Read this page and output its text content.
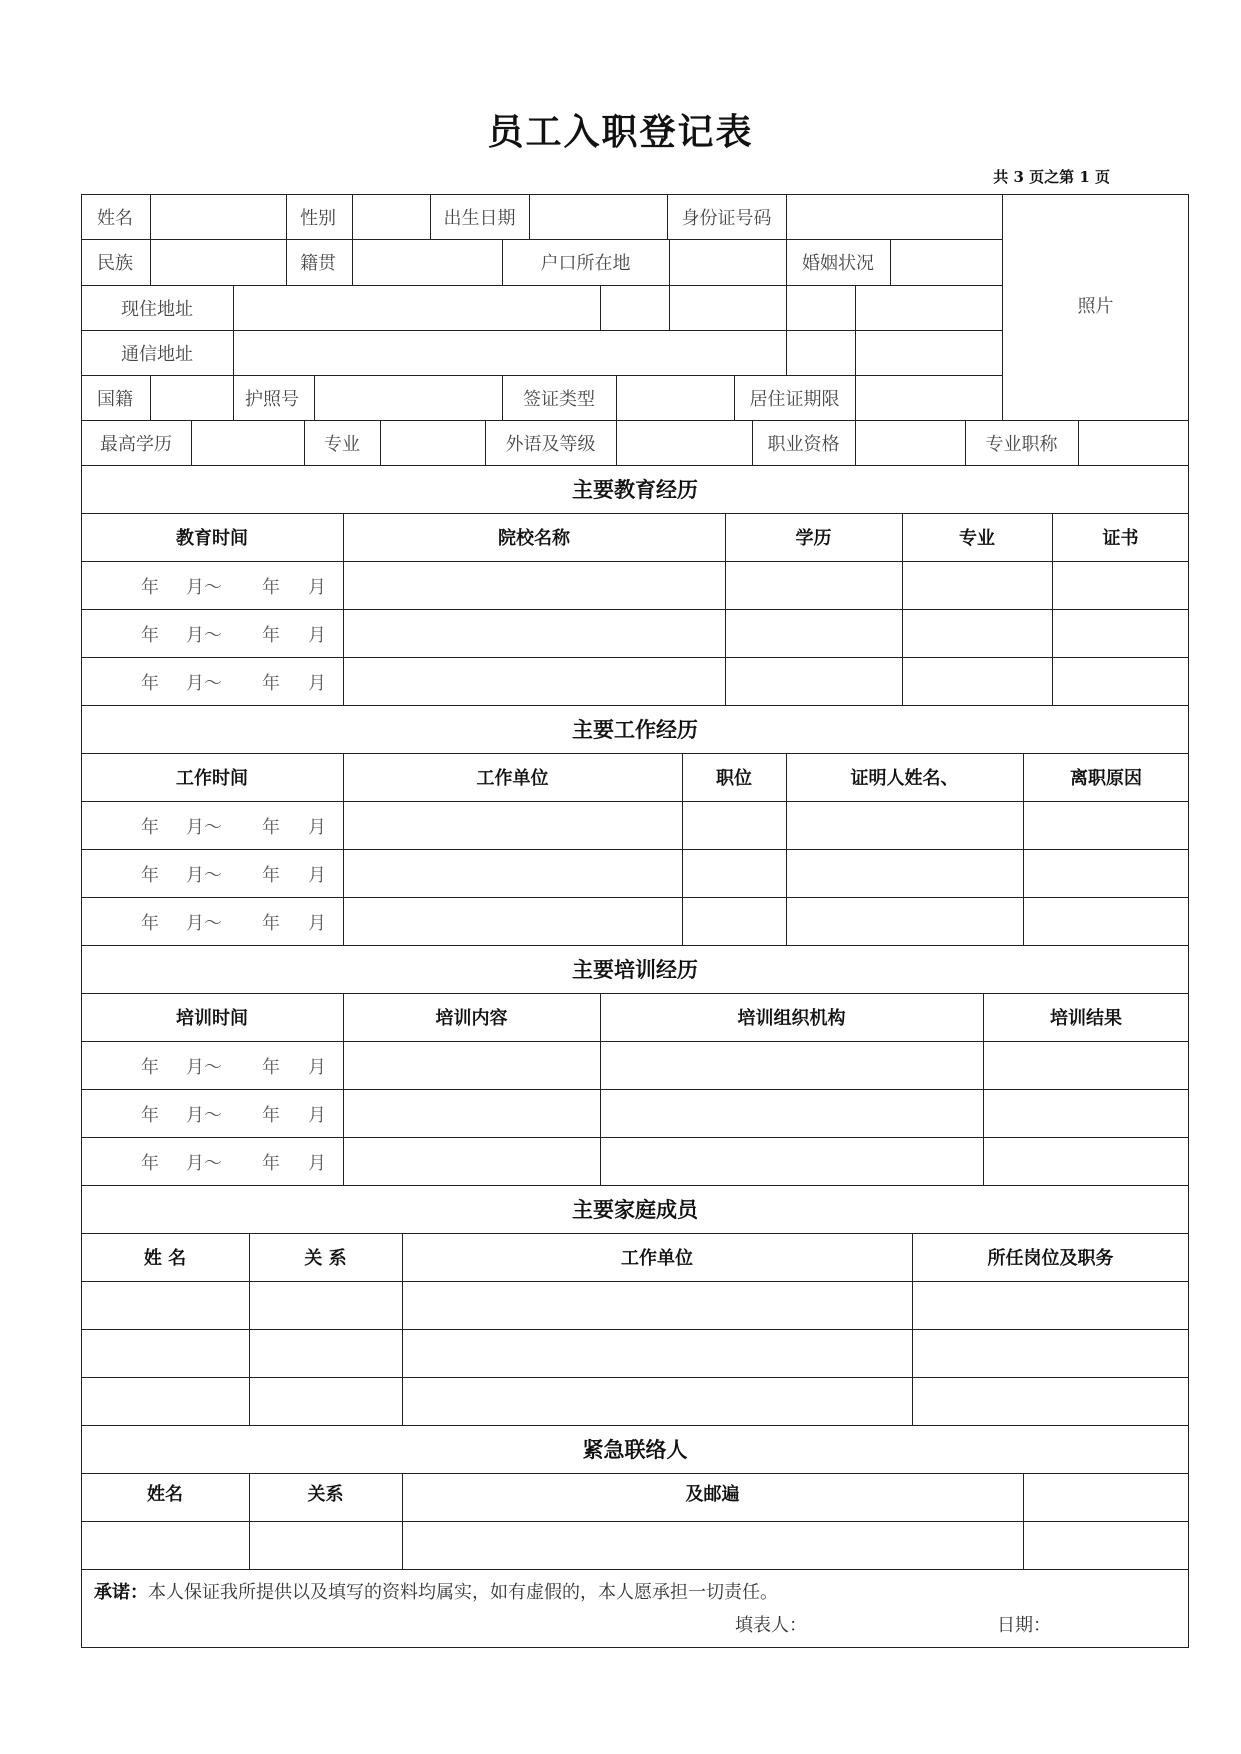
员工入职登记表
共 3 页之第 1 页
姓名	性别	出生日期	身份证号码
民族	籍贯	户口所在地	婚姻状况
现住地址
通信地址
国籍	护照号	签证类型	居住证期限
照片
最高学历	专业	外语及等级	职业资格	专业职称
主要教育经历
教育时间	院校名称	学历	专业	证书
年 月～ 年 月
年 月～ 年 月
年 月～ 年 月
主要工作经历
工作时间	工作单位	职位	证明人姓名、	离职原因
年 月～ 年 月
年 月～ 年 月
年 月～ 年 月
主要培训经历
培训时间	培训内容	培训组织机构	培训结果
年 月～ 年 月
年 月～ 年 月
年 月～ 年 月
主要家庭成员
姓 名	关 系	工作单位	所任岗位及职务
紧急联络人
姓名	关系	及邮遍
承诺：本人保证我所提供以及填写的资料均属实，如有虚假的，本人愿承担一切责任。
填表人：	日期：
